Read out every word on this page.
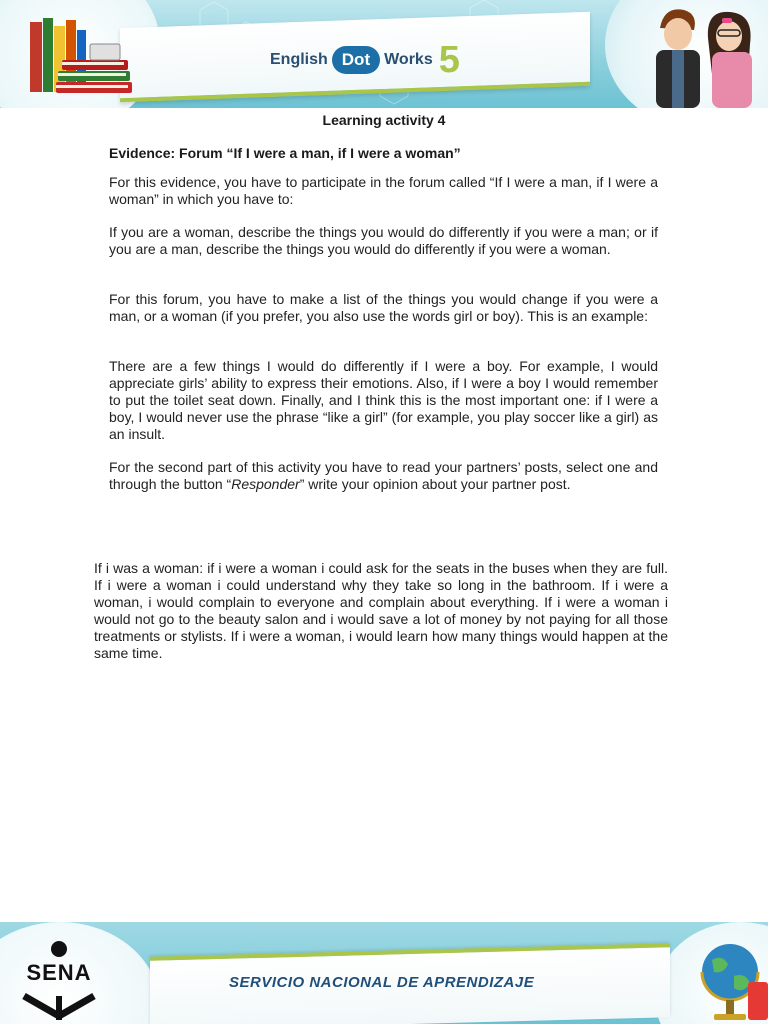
English Dot Works 5
Learning activity 4
Evidence: Forum “If I were a man, if I were a woman”

For this evidence, you have to participate in the forum called “If I were a man, if I were a woman” in which you have to:

If you are a woman, describe the things you would do differently if you were a man; or if you are a man, describe the things you would do differently if you were a woman.

For this forum, you have to make a list of the things you would change if you were a man, or a woman (if you prefer, you also use the words girl or boy). This is an example:

There are a few things I would do differently if I were a boy. For example, I would appreciate girls’ ability to express their emotions. Also, if I were a boy I would remember to put the toilet seat down. Finally, and I think this is the most important one: if I were a boy, I would never use the phrase “like a girl” (for example, you play soccer like a girl) as an insult.

For the second part of this activity you have to read your partners’ posts, select one and through the button “Responder” write your opinion about your partner post.

If i was a woman: if i were a woman i could ask for the seats in the buses when they are full. If i were a woman i could understand why they take so long in the bathroom. If i were a woman, i would complain to everyone and complain about everything. If i were a woman i would not go to the beauty salon and i would save a lot of money by not paying for all those treatments or stylists. If i were a woman, i would learn how many things would happen at the same time.

SENA	SERVICIO NACIONAL DE APRENDIZAJE
